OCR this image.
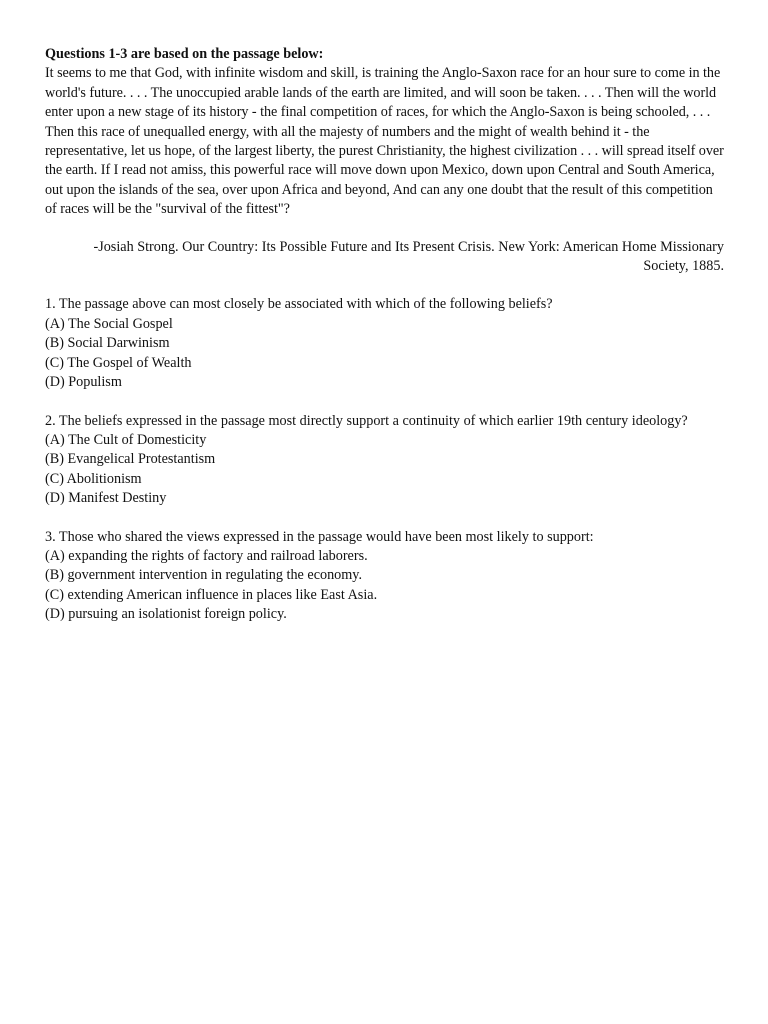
Questions 1-3 are based on the passage below:

It seems to me that God, with infinite wisdom and skill, is training the Anglo-Saxon race for an hour sure to come in the world's future. . . . The unoccupied arable lands of the earth are limited, and will soon be taken. . . . Then will the world enter upon a new stage of its history - the final competition of races, for which the Anglo-Saxon is being schooled, . . . Then this race of unequalled energy, with all the majesty of numbers and the might of wealth behind it - the representative, let us hope, of the largest liberty, the purest Christianity, the highest civilization . . . will spread itself over the earth. If I read not amiss, this powerful race will move down upon Mexico, down upon Central and South America, out upon the islands of the sea, over upon Africa and beyond, And can any one doubt that the result of this competition of races will be the "survival of the fittest"?

-Josiah Strong. Our Country: Its Possible Future and Its Present Crisis. New York: American Home Missionary Society, 1885.

1. The passage above can most closely be associated with which of the following beliefs?

(A) The Social Gospel

(B) Social Darwinism

(C) The Gospel of Wealth

(D) Populism

2. The beliefs expressed in the passage most directly support a continuity of which earlier 19th century ideology?

(A) The Cult of Domesticity

(B) Evangelical Protestantism

(C) Abolitionism

(D) Manifest Destiny

3. Those who shared the views expressed in the passage would have been most likely to support:

(A) expanding the rights of factory and railroad laborers.

(B) government intervention in regulating the economy.

(C) extending American influence in places like East Asia.

(D) pursuing an isolationist foreign policy.
